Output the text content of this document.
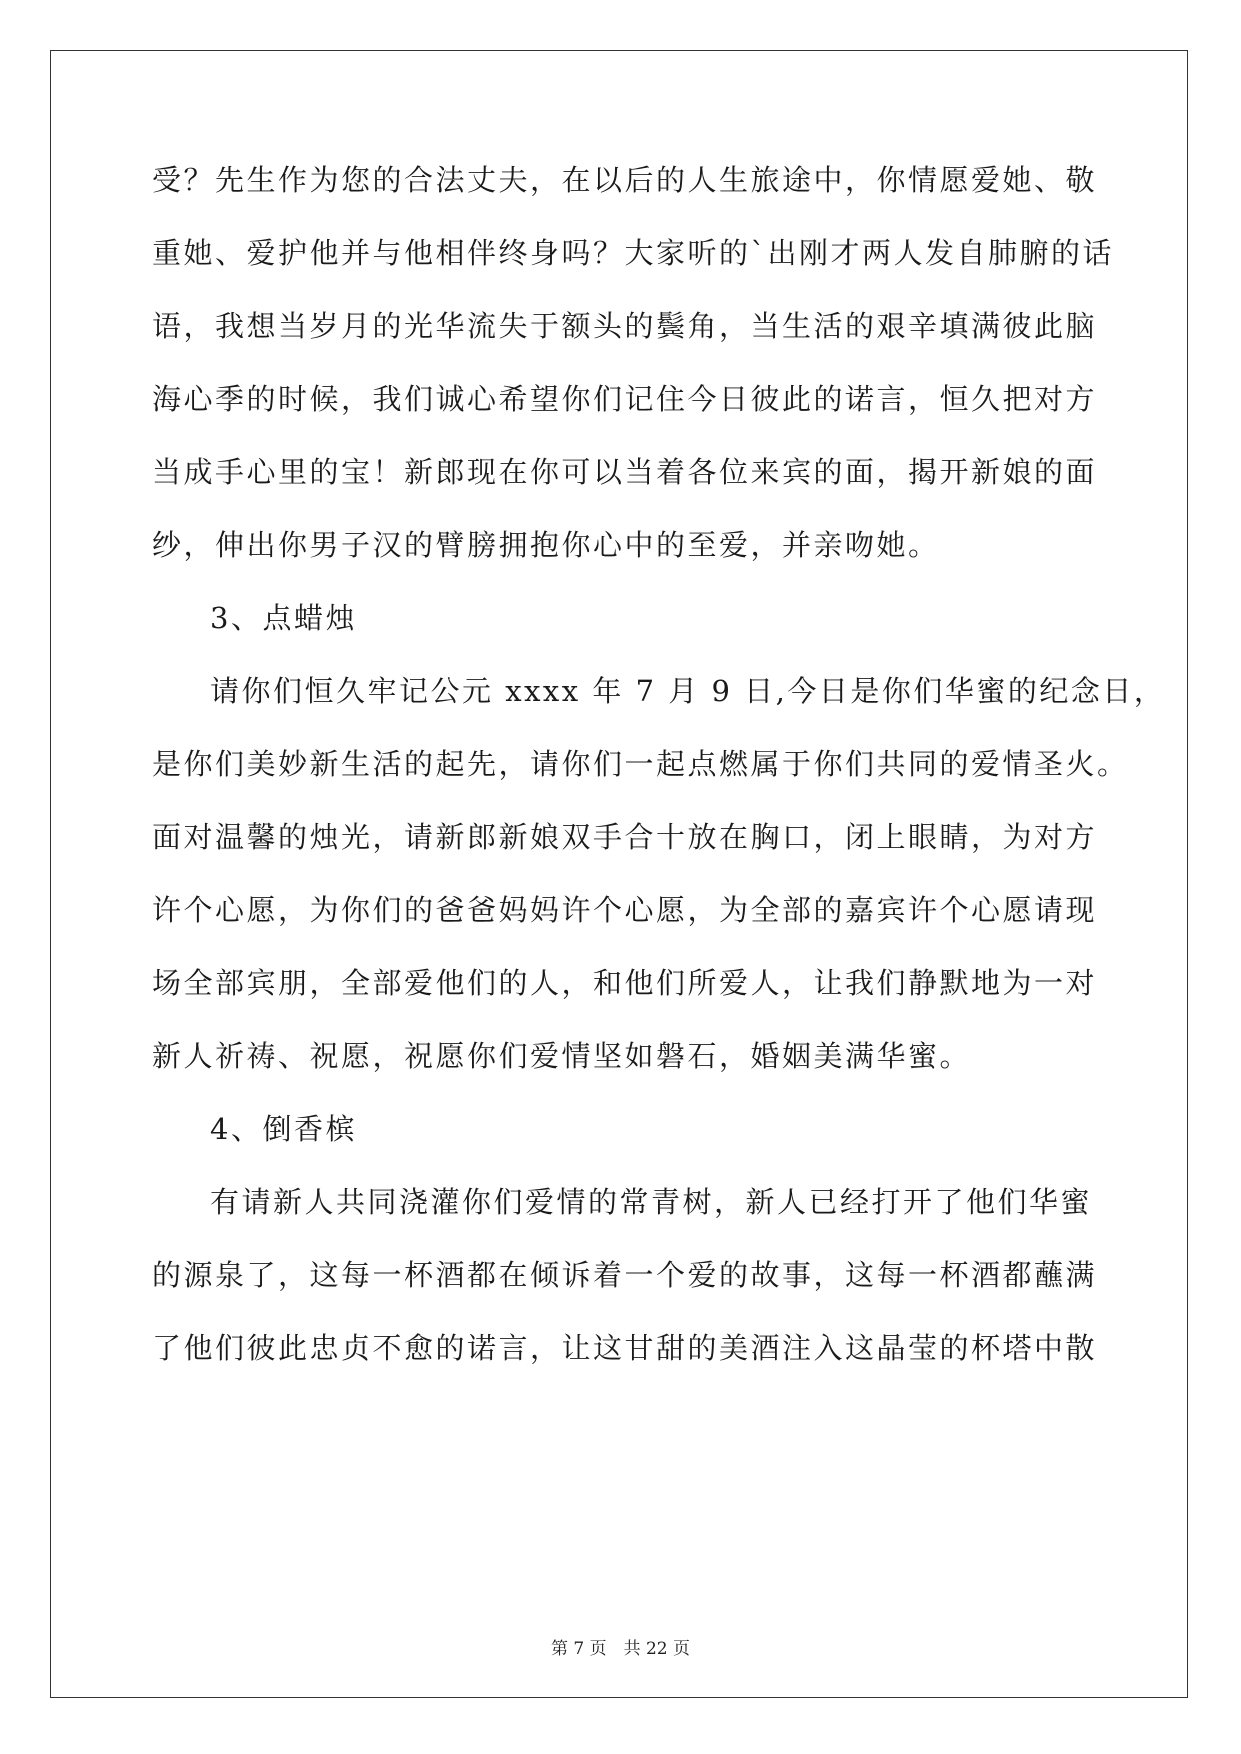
受？先生作为您的合法丈夫，在以后的人生旅途中，你情愿爱她、敬
重她、爱护他并与他相伴终身吗？大家听的`出刚才两人发自肺腑的话
语，我想当岁月的光华流失于额头的鬓角，当生活的艰辛填满彼此脑
海心季的时候，我们诚心希望你们记住今日彼此的诺言，恒久把对方
当成手心里的宝！新郎现在你可以当着各位来宾的面，揭开新娘的面
纱，伸出你男子汉的臂膀拥抱你心中的至爱，并亲吻她。
3、点蜡烛
请你们恒久牢记公元 xxxx 年 7 月 9 日,今日是你们华蜜的纪念日，
是你们美妙新生活的起先，请你们一起点燃属于你们共同的爱情圣火。
面对温馨的烛光，请新郎新娘双手合十放在胸口，闭上眼睛，为对方
许个心愿，为你们的爸爸妈妈许个心愿，为全部的嘉宾许个心愿请现
场全部宾朋，全部爱他们的人，和他们所爱人，让我们静默地为一对
新人祈祷、祝愿，祝愿你们爱情坚如磐石，婚姻美满华蜜。
4、倒香槟
有请新人共同浇灌你们爱情的常青树，新人已经打开了他们华蜜
的源泉了，这每一杯酒都在倾诉着一个爱的故事，这每一杯酒都蘸满
了他们彼此忠贞不愈的诺言，让这甘甜的美酒注入这晶莹的杯塔中散
第 7 页　共 22 页
